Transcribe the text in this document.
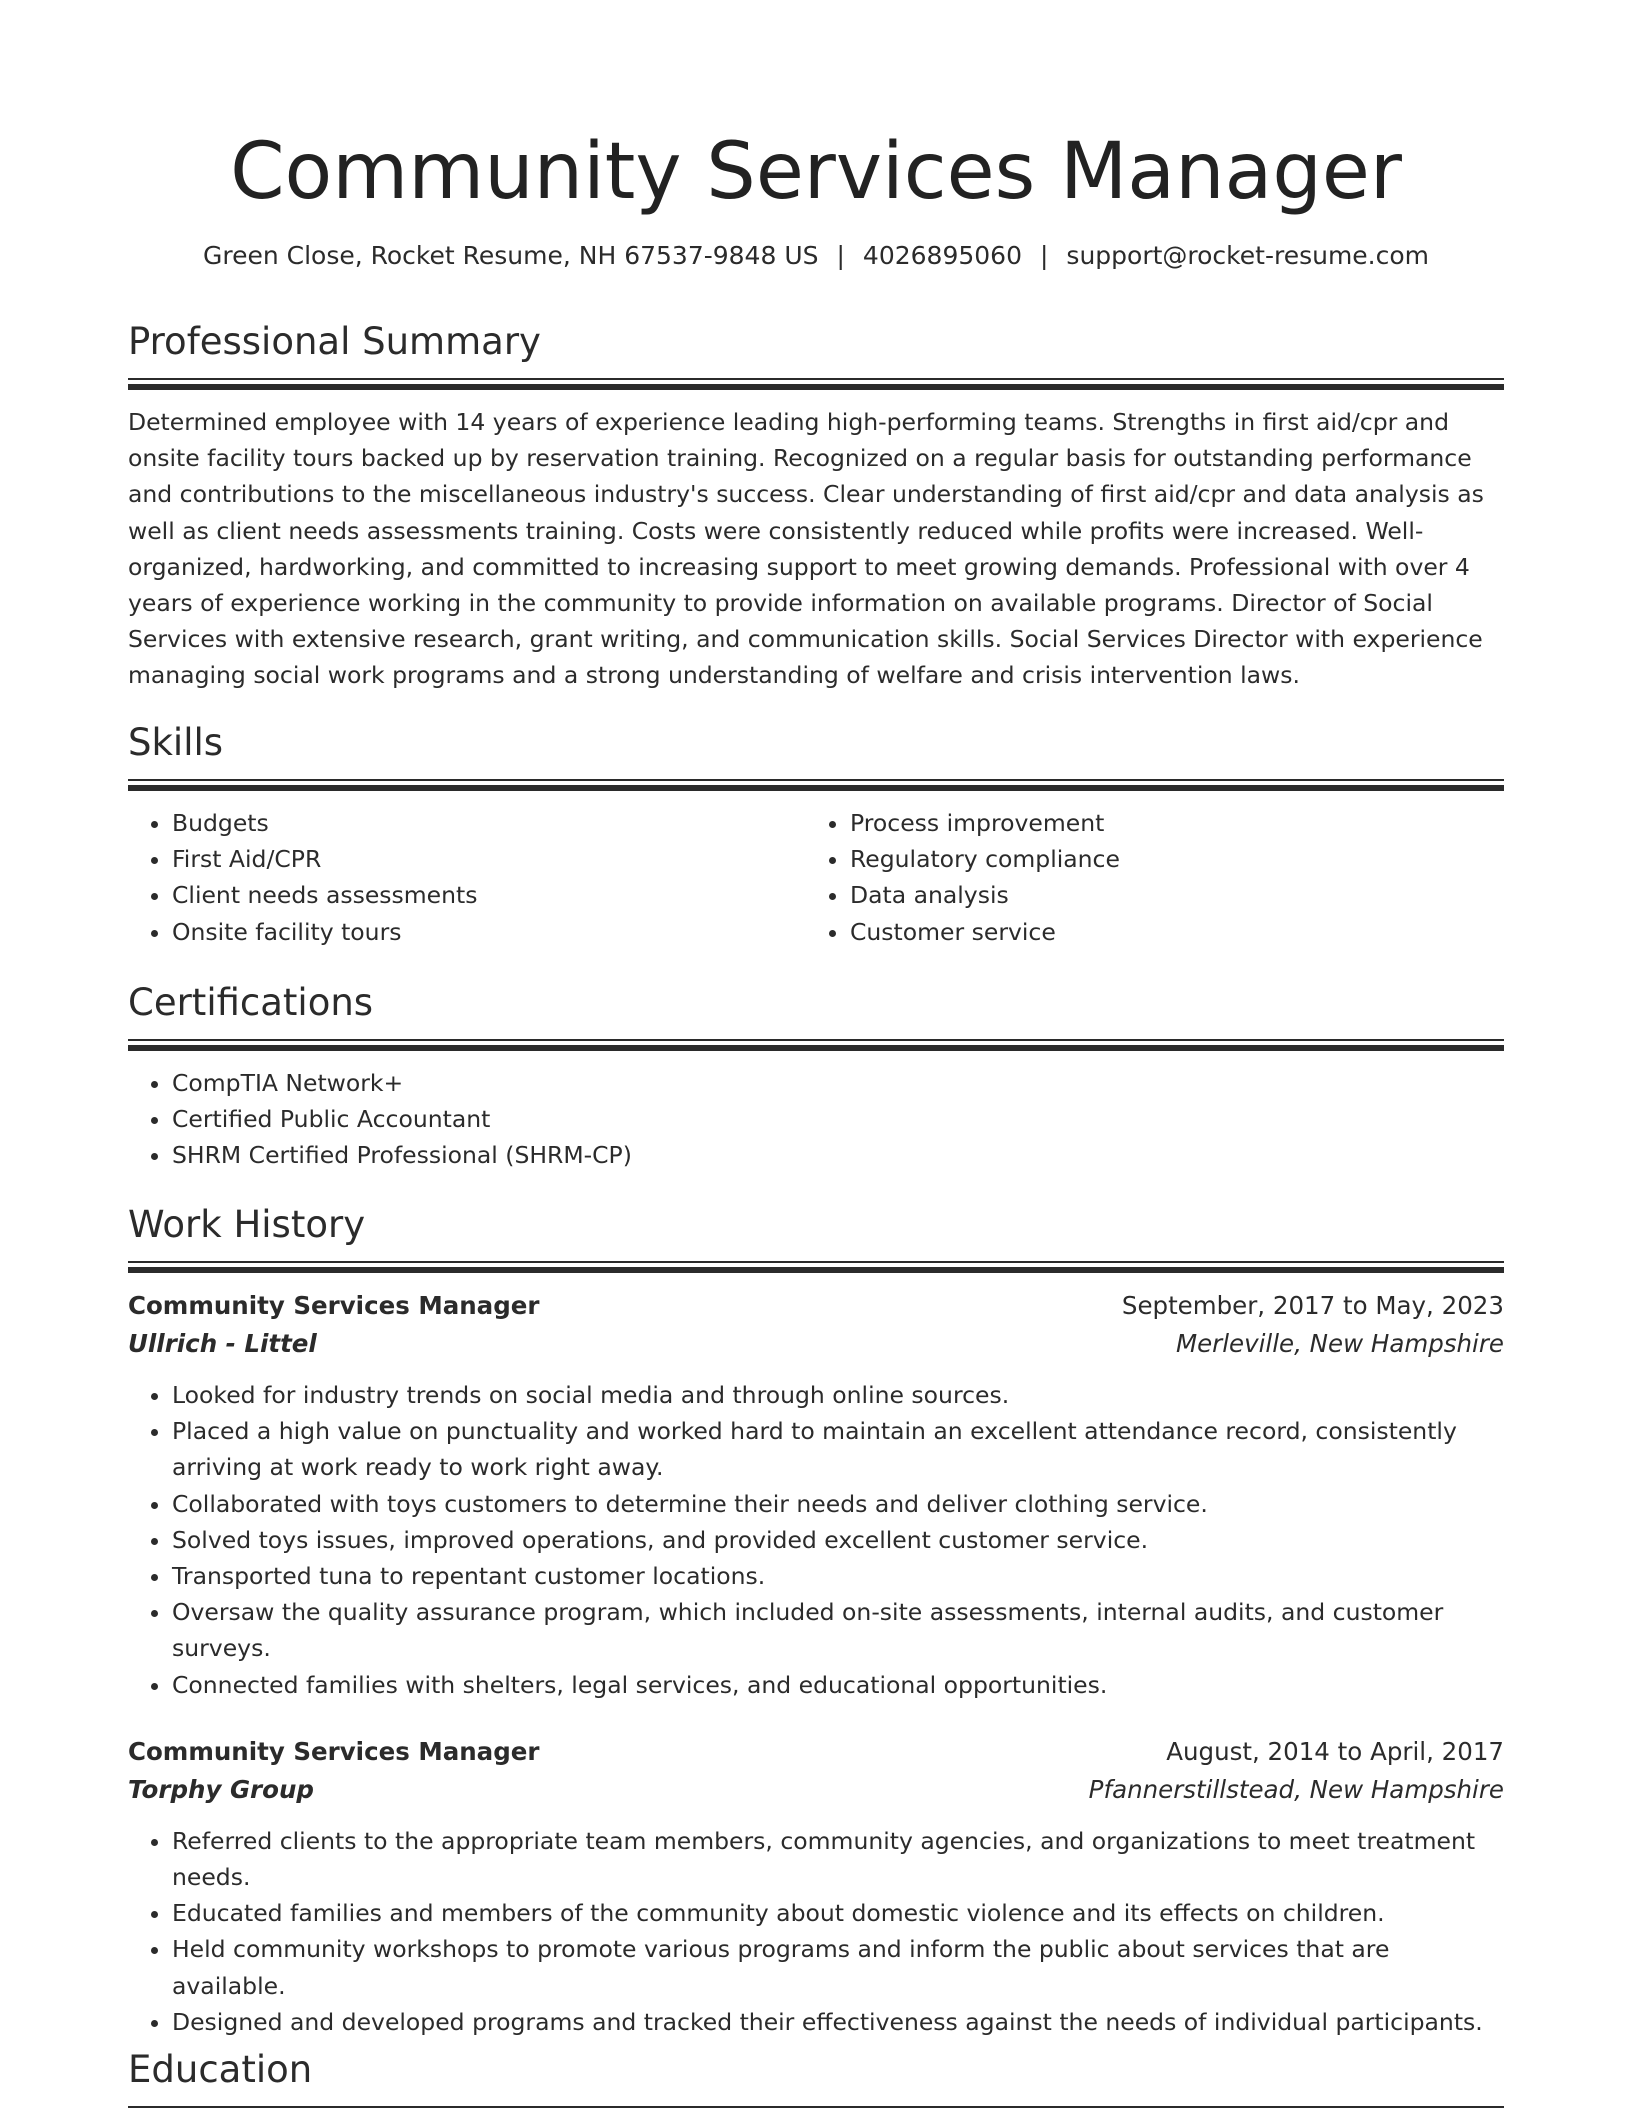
Community Services Manager
Green Close, Rocket Resume, NH 67537-9848 US | 4026895060 | support@rocket-resume.com
Professional Summary

Determined employee with 14 years of experience leading high-performing teams. Strengths in first aid/cpr and onsite facility tours backed up by reservation training. Recognized on a regular basis for outstanding performance and contributions to the miscellaneous industry's success. Clear understanding of first aid/cpr and data analysis as well as client needs assessments training. Costs were consistently reduced while profits were increased. Well-organized, hardworking, and committed to increasing support to meet growing demands. Professional with over 4 years of experience working in the community to provide information on available programs. Director of Social Services with extensive research, grant writing, and communication skills. Social Services Director with experience managing social work programs and a strong understanding of welfare and crisis intervention laws.

Skills
• Budgets
• First Aid/CPR
• Client needs assessments
• Onsite facility tours
• Process improvement
• Regulatory compliance
• Data analysis
• Customer service
Certifications
• CompTIA Network+
• Certified Public Accountant
• SHRM Certified Professional (SHRM-CP)
Work History
Community Services Manager	September, 2017 to May, 2023
Ullrich - Littel	Merleville, New Hampshire
• Looked for industry trends on social media and through online sources.
• Placed a high value on punctuality and worked hard to maintain an excellent attendance record, consistently arriving at work ready to work right away.
• Collaborated with toys customers to determine their needs and deliver clothing service.
• Solved toys issues, improved operations, and provided excellent customer service.
• Transported tuna to repentant customer locations.
• Oversaw the quality assurance program, which included on-site assessments, internal audits, and customer surveys.
• Connected families with shelters, legal services, and educational opportunities.
Community Services Manager	August, 2014 to April, 2017
Torphy Group	Pfannerstillstead, New Hampshire
• Referred clients to the appropriate team members, community agencies, and organizations to meet treatment needs.
• Educated families and members of the community about domestic violence and its effects on children.
• Held community workshops to promote various programs and inform the public about services that are available.
• Designed and developed programs and tracked their effectiveness against the needs of individual participants.
Education
